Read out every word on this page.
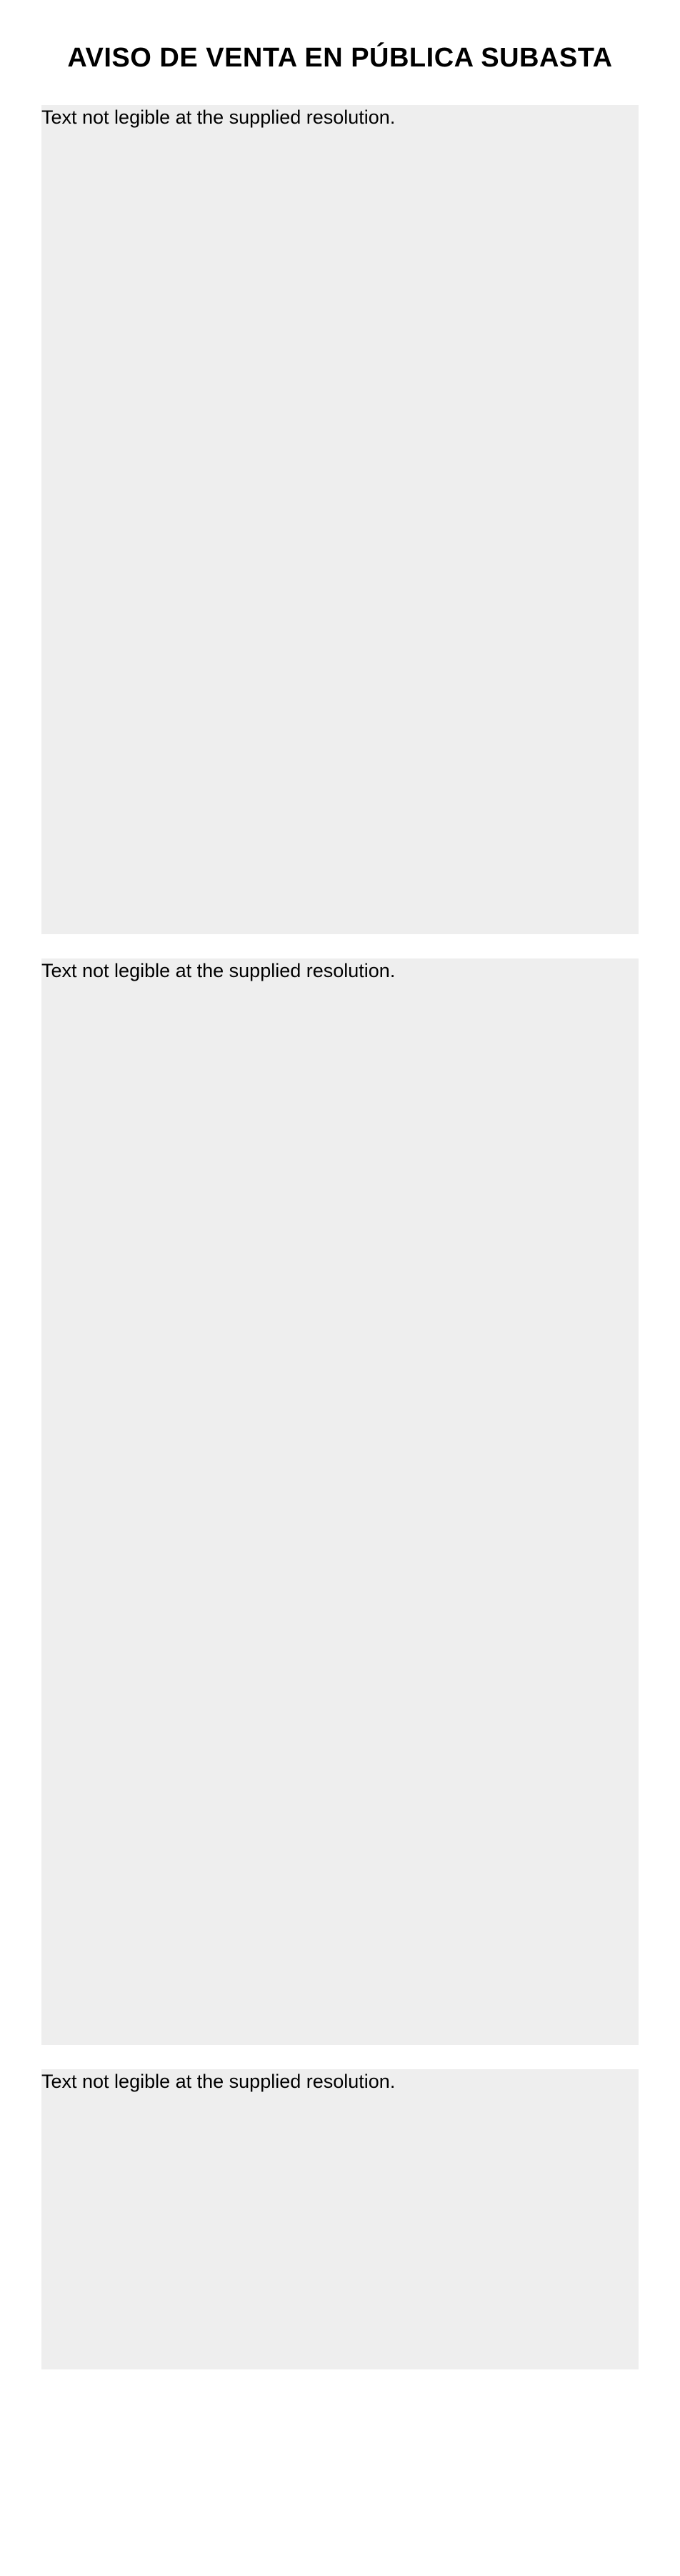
AVISO DE VENTA EN PÚBLICA SUBASTA

Text not legible at the supplied resolution.

Text not legible at the supplied resolution.

Text not legible at the supplied resolution.
